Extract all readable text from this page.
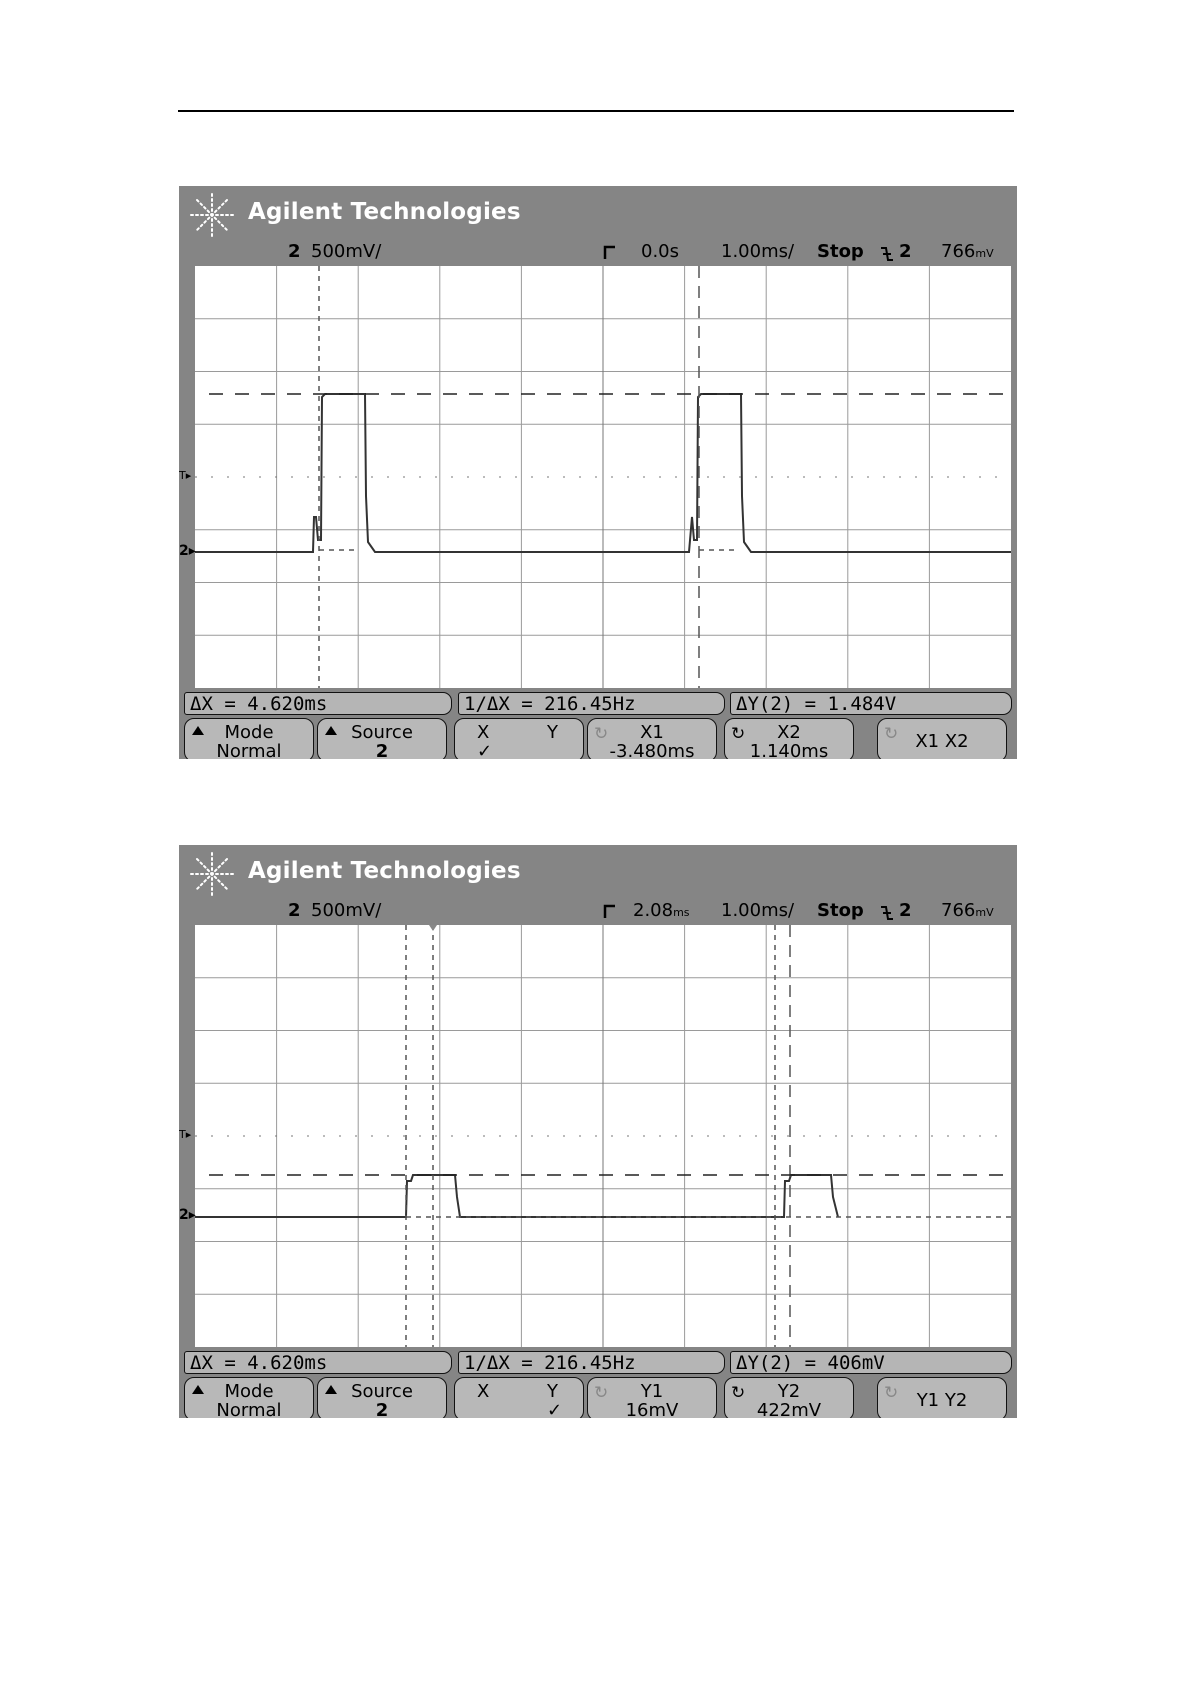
Agilent Technologies
2 500mV/	0.0s 1.00ms/ Stop 2 766mV
T▸
2▸
ΔX = 4.620ms	1/ΔX = 216.45Hz	ΔY(2) = 1.484V
Mode
Normal
Source
2
X	Y
✓
↻	X1
-3.480ms
↻	X2
1.140ms
↻ X1 X2
Agilent Technologies
2 500mV/	2.08ms 1.00ms/ Stop 2 766mV
T▸
2▸
ΔX = 4.620ms	1/ΔX = 216.45Hz	ΔY(2) = 406mV
Mode
Normal
Source
2
X	Y
✓
↻	Y1
16mV
↻	Y2
422mV
↻	Y1 Y2
